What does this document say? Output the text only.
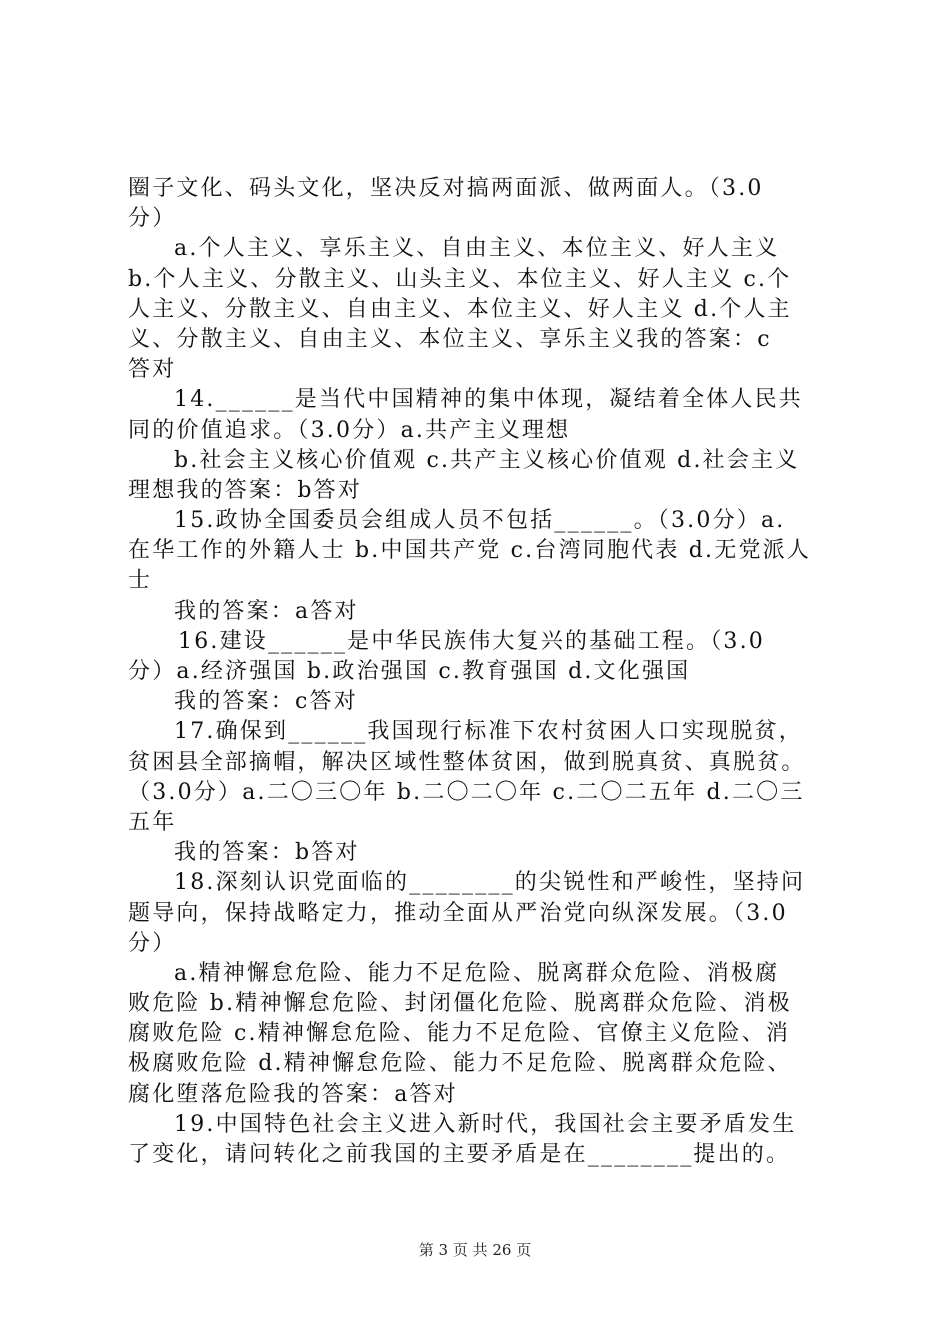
圈子文化、码头文化，坚决反对搞两面派、做两面人。（3.0
分）
a.个人主义、享乐主义、自由主义、本位主义、好人主义
b.个人主义、分散主义、山头主义、本位主义、好人主义 c.个
人主义、分散主义、自由主义、本位主义、好人主义 d.个人主
义、分散主义、自由主义、本位主义、享乐主义我的答案：c
答对
14.______是当代中国精神的集中体现，凝结着全体人民共
同的价值追求。（3.0分）a.共产主义理想
b.社会主义核心价值观 c.共产主义核心价值观 d.社会主义
理想我的答案：b答对
15.政协全国委员会组成人员不包括______。（3.0分）a.
在华工作的外籍人士 b.中国共产党 c.台湾同胞代表 d.无党派人
士
我的答案：a答对
16.建设______是中华民族伟大复兴的基础工程。（3.0
分）a.经济强国 b.政治强国 c.教育强国 d.文化强国
我的答案：c答对
17.确保到______我国现行标准下农村贫困人口实现脱贫，
贫困县全部摘帽，解决区域性整体贫困，做到脱真贫、真脱贫。
（3.0分）a.二〇三〇年 b.二〇二〇年 c.二〇二五年 d.二〇三
五年
我的答案：b答对
18.深刻认识党面临的________的尖锐性和严峻性，坚持问
题导向，保持战略定力，推动全面从严治党向纵深发展。（3.0
分）
a.精神懈怠危险、能力不足危险、脱离群众危险、消极腐
败危险 b.精神懈怠危险、封闭僵化危险、脱离群众危险、消极
腐败危险 c.精神懈怠危险、能力不足危险、官僚主义危险、消
极腐败危险 d.精神懈怠危险、能力不足危险、脱离群众危险、
腐化堕落危险我的答案：a答对
19.中国特色社会主义进入新时代，我国社会主要矛盾发生
了变化，请问转化之前我国的主要矛盾是在________提出的。
第 3 页 共 26 页
